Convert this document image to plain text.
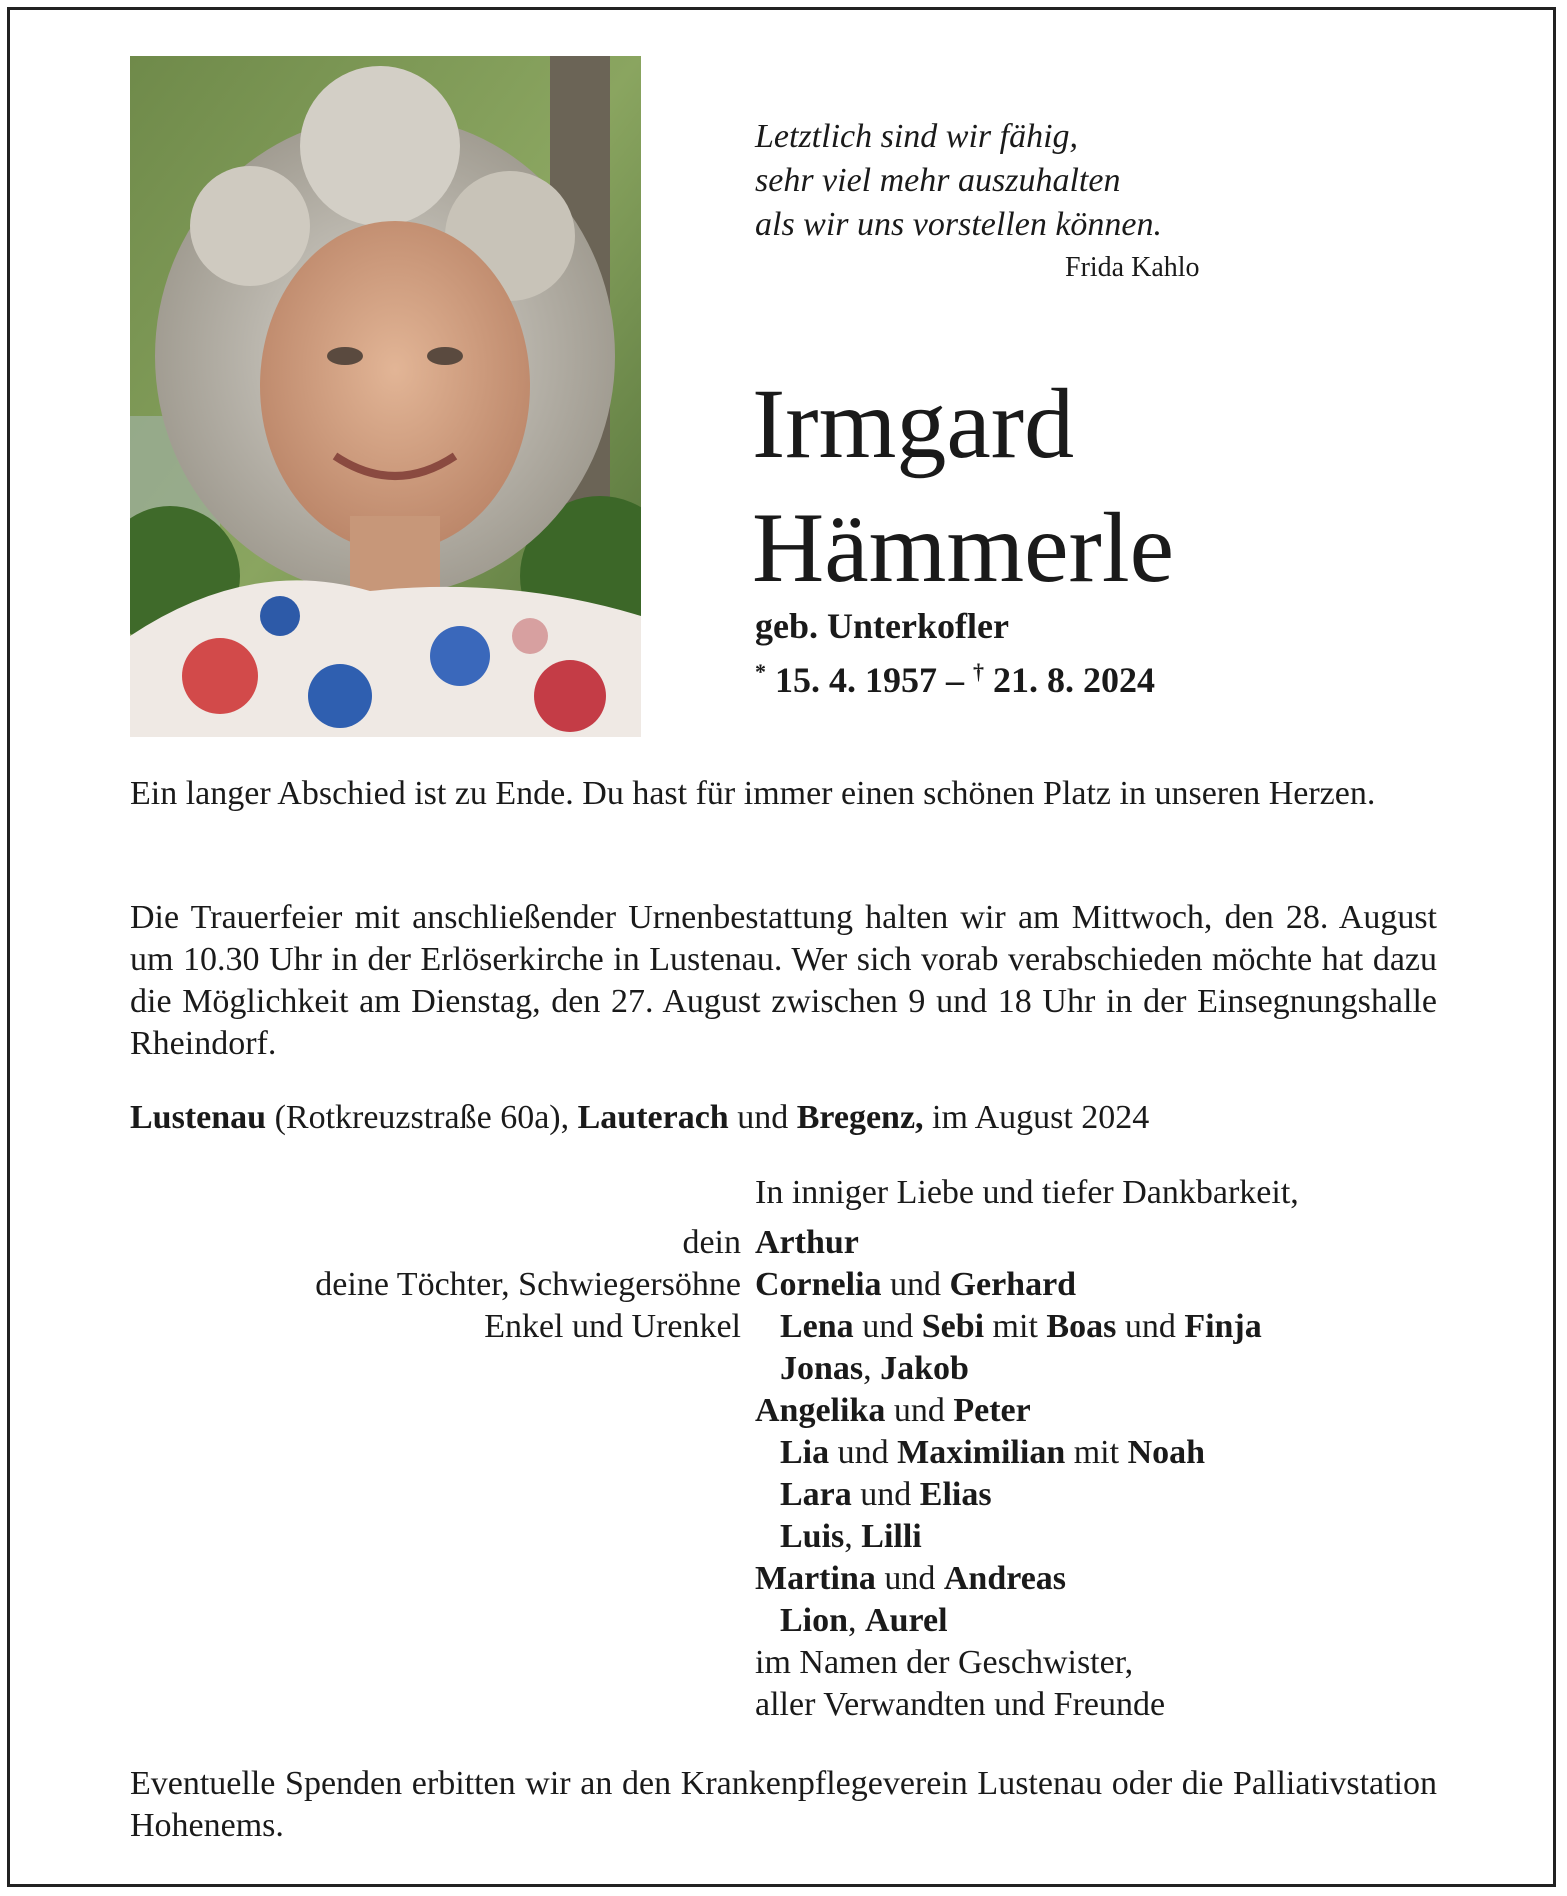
Letztlich sind wir fähig,
sehr viel mehr auszuhalten
als wir uns vorstellen können.
Frida Kahlo
Irmgard
Hämmerle
geb. Unterkofler
* 15. 4. 1957 – † 21. 8. 2024

Ein langer Abschied ist zu Ende. Du hast für immer einen schönen Platz in unseren Herzen.

Die Trauerfeier mit anschließender Urnenbestattung halten wir am Mittwoch, den 28. August um 10.30 Uhr in der Erlöserkirche in Lustenau. Wer sich vorab verabschieden möchte hat dazu die Möglichkeit am Dienstag, den 27. August zwischen 9 und 18 Uhr in der Einsegnungshalle Rheindorf.

Lustenau (Rotkreuzstraße 60a), Lauterach und Bregenz, im August 2024
In inniger Liebe und tiefer Dankbarkeit,
dein
deine Töchter, Schwiegersöhne
Enkel und Urenkel
Arthur
Cornelia und Gerhard
Lena und Sebi mit Boas und Finja
Jonas, Jakob
Angelika und Peter
Lia und Maximilian mit Noah
Lara und Elias
Luis, Lilli
Martina und Andreas
Lion, Aurel
im Namen der Geschwister,
aller Verwandten und Freunde

Eventuelle Spenden erbitten wir an den Krankenpflegeverein Lustenau oder die Palliativstation Hohenems.
